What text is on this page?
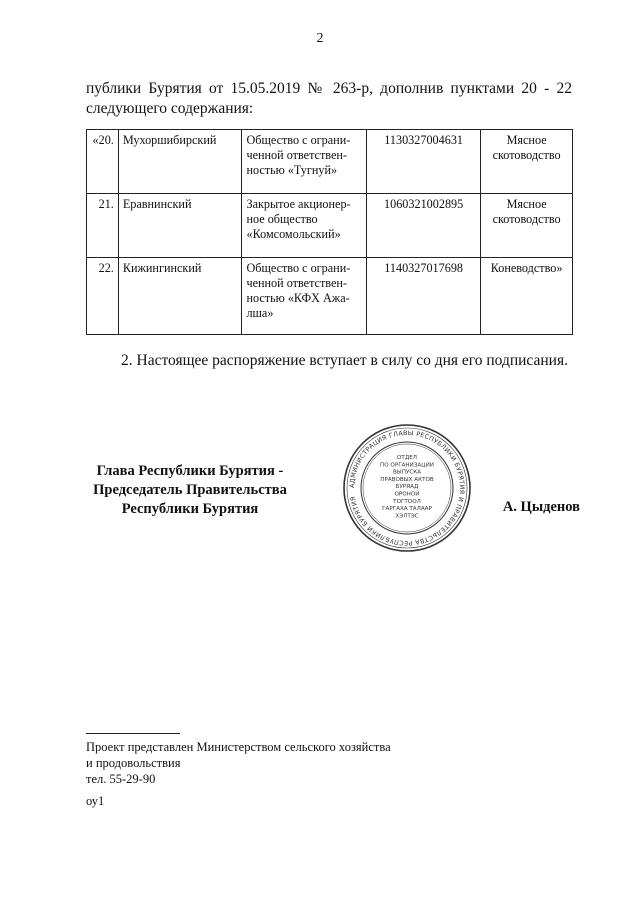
2
публики Бурятия от 15.05.2019 № 263-р, дополнив пунктами 20 - 22 следующего содержания:
«20.	Мухоршибирский	Общество с ограни-
ченной ответствен-
ностью «Тугнуй»	1130327004631	Мясное скотоводство
21.	Еравнинский	Закрытое акционер-
ное общество
«Комсомольский»	1060321002895	Мясное скотоводство
22.	Кижингинский	Общество с ограни-
ченной ответствен-
ностью «КФХ Ажа-
лша»	1140327017698	Коневодство»
2. Настоящее распоряжение вступает в силу со дня его подписания.
Глава Республики Бурятия -
Председатель Правительства
Республики Бурятия
АДМИНИСТРАЦИЯ ГЛАВЫ РЕСПУБЛИКИ БУРЯТИЯ И ПРАВИТЕЛЬСТВА РЕСПУБЛИКИ БУРЯТИЯ
ОТДЕЛ
ПО ОРГАНИЗАЦИИ
ВЫПУСКА
ПРАВОВЫХ АКТОВ
БУРЯАД
ОРОНОЙ
ТОГТООЛ
ГАРГАХА ТАЛААР
ХЭЛТЭС
А. Цыденов
Проект представлен Министерством сельского хозяйства
и продовольствия
тел. 55-29-90
оу1
